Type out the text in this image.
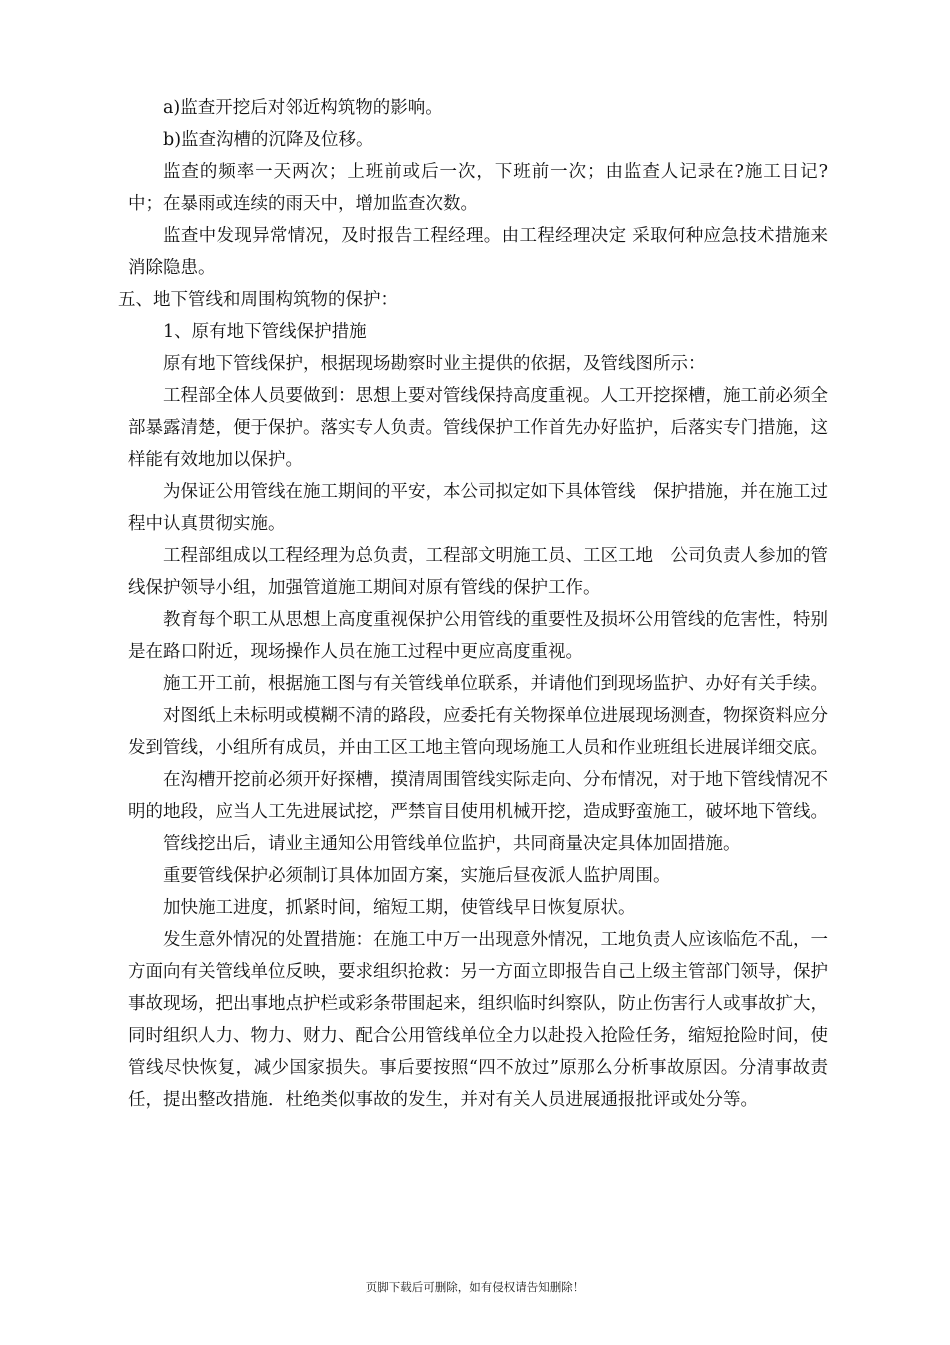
a)监查开挖后对邻近构筑物的影响。

b)监查沟槽的沉降及位移。

监查的频率一天两次；上班前或后一次，下班前一次；由监查人记录在?施工日记?中；在暴雨或连续的雨天中，增加监查次数。

监查中发现异常情况，及时报告工程经理。由工程经理决定 采取何种应急技术措施来消除隐患。

五、地下管线和周围构筑物的保护：

1、原有地下管线保护措施

原有地下管线保护，根据现场勘察时业主提供的依据，及管线图所示：

工程部全体人员要做到：思想上要对管线保持高度重视。人工开挖探槽，施工前必须全部暴露清楚，便于保护。落实专人负责。管线保护工作首先办好监护，后落实专门措施，这样能有效地加以保护。

为保证公用管线在施工期间的平安，本公司拟定如下具体管线　保护措施，并在施工过程中认真贯彻实施。

工程部组成以工程经理为总负责，工程部文明施工员、工区工地　公司负责人参加的管线保护领导小组，加强管道施工期间对原有管线的保护工作。

教育每个职工从思想上高度重视保护公用管线的重要性及损坏公用管线的危害性，特别是在路口附近，现场操作人员在施工过程中更应高度重视。

施工开工前，根据施工图与有关管线单位联系，并请他们到现场监护、办好有关手续。

对图纸上未标明或模糊不清的路段，应委托有关物探单位进展现场测查，物探资料应分发到管线，小组所有成员，并由工区工地主管向现场施工人员和作业班组长进展详细交底。

在沟槽开挖前必须开好探槽，摸清周围管线实际走向、分布情况，对于地下管线情况不明的地段，应当人工先进展试挖，严禁盲目使用机械开挖，造成野蛮施工，破坏地下管线。

管线挖出后，请业主通知公用管线单位监护，共同商量决定具体加固措施。

重要管线保护必须制订具体加固方案，实施后昼夜派人监护周围。

加快施工进度，抓紧时间，缩短工期，使管线早日恢复原状。

发生意外情况的处置措施：在施工中万一出现意外情况，工地负责人应该临危不乱，一方面向有关管线单位反映，要求组织抢救：另一方面立即报告自己上级主管部门领导，保护事故现场，把出事地点护栏或彩条带围起来，组织临时纠察队，防止伤害行人或事故扩大，同时组织人力、物力、财力、配合公用管线单位全力以赴投入抢险任务，缩短抢险时间，使管线尽快恢复，减少国家损失。事后要按照“四不放过”原那么分析事故原因。分清事故责任，提出整改措施．杜绝类似事故的发生，并对有关人员进展通报批评或处分等。

页脚下载后可删除，如有侵权请告知删除！
